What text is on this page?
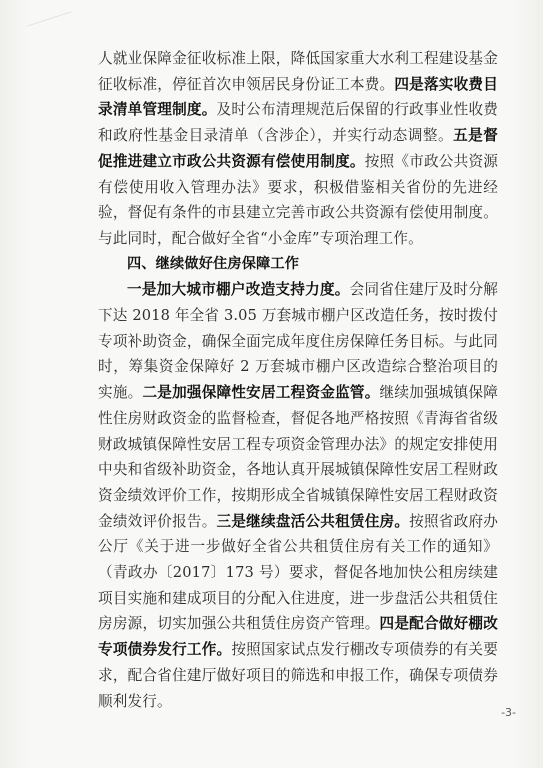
人就业保障金征收标准上限，降低国家重大水利工程建设基金征收标准，停征首次申领居民身份证工本费。四是落实收费目录清单管理制度。及时公布清理规范后保留的行政事业性收费和政府性基金目录清单（含涉企），并实行动态调整。五是督促推进建立市政公共资源有偿使用制度。按照《市政公共资源有偿使用收入管理办法》要求，积极借鉴相关省份的先进经验，督促有条件的市县建立完善市政公共资源有偿使用制度。与此同时，配合做好全省“小金库”专项治理工作。

四、继续做好住房保障工作

一是加大城市棚户改造支持力度。会同省住建厅及时分解下达 2018 年全省 3.05 万套城市棚户区改造任务，按时拨付专项补助资金，确保全面完成年度住房保障任务目标。与此同时，筹集资金保障好 2 万套城市棚户区改造综合整治项目的实施。二是加强保障性安居工程资金监管。继续加强城镇保障性住房财政资金的监督检查，督促各地严格按照《青海省省级财政城镇保障性安居工程专项资金管理办法》的规定安排使用中央和省级补助资金，各地认真开展城镇保障性安居工程财政资金绩效评价工作，按期形成全省城镇保障性安居工程财政资金绩效评价报告。三是继续盘活公共租赁住房。按照省政府办公厅《关于进一步做好全省公共租赁住房有关工作的通知》（青政办〔2017〕173 号）要求，督促各地加快公租房续建项目实施和建成项目的分配入住进度，进一步盘活公共租赁住房房源，切实加强公共租赁住房资产管理。四是配合做好棚改专项债券发行工作。按照国家试点发行棚改专项债券的有关要求，配合省住建厅做好项目的筛选和申报工作，确保专项债券顺利发行。

-3-
